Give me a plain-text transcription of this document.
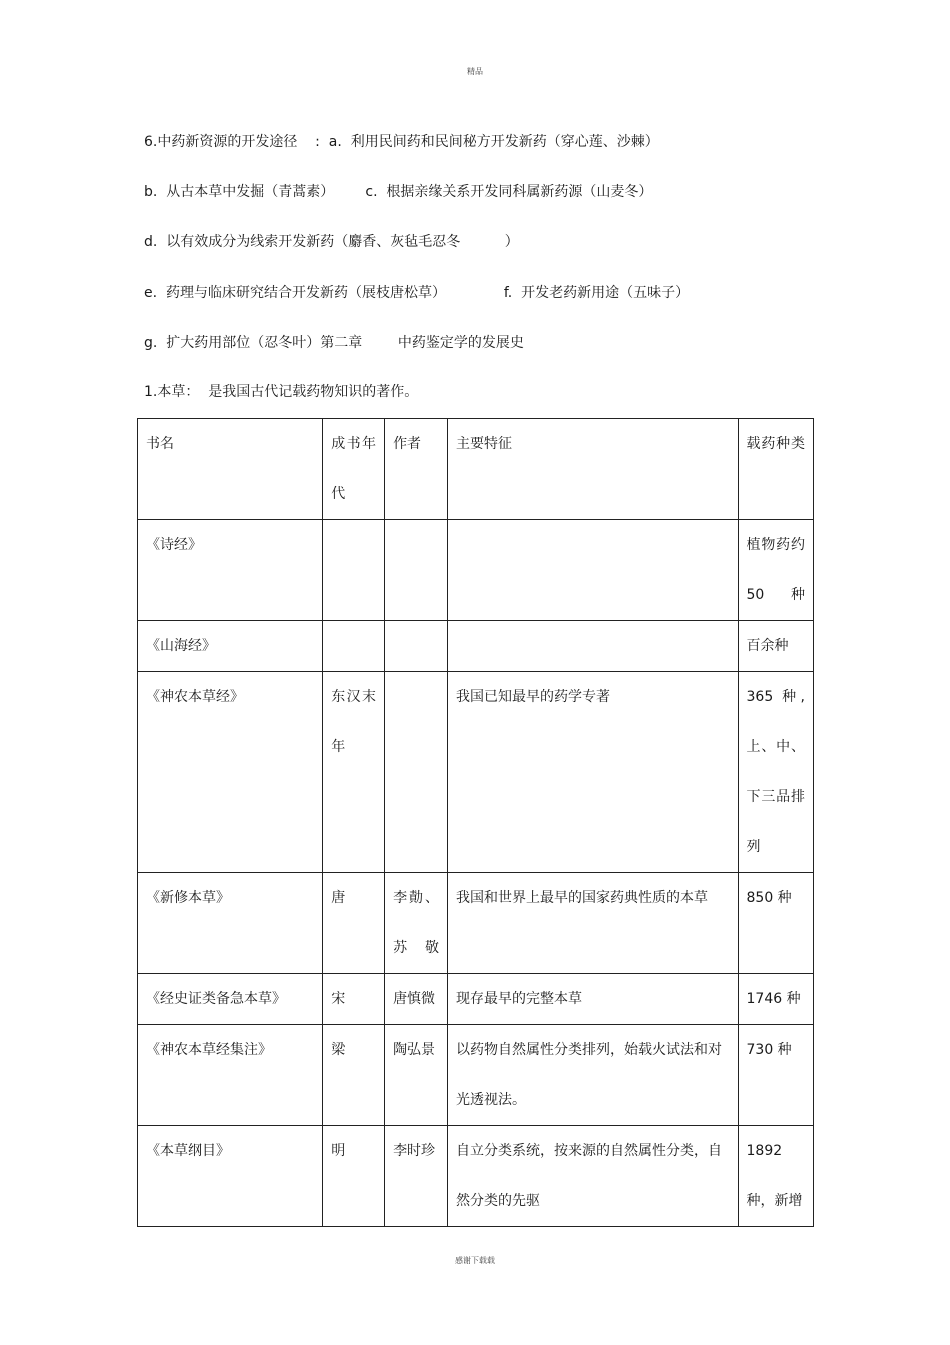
精品
6.中药新资源的开发途径    :  a.  利用民间药和民间秘方开发新药（穿心莲、沙棘）
b.  从古本草中发掘（青蒿素）       c.  根据亲缘关系开发同科属新药源（山麦冬）
d.  以有效成分为线索开发新药（麝香、灰毡毛忍冬          ）
e.  药理与临床研究结合开发新药（展枝唐松草）             f.  开发老药新用途（五味子）
g.  扩大药用部位（忍冬叶）第二章        中药鉴定学的发展史
1.本草：  是我国古代记载药物知识的著作。
书名	成书年代	作者	主要特征	载药种类

《诗经》				植物药约 50 种

《山海经》				百余种

《神农本草经》	东汉末年		我国已知最早的药学专著	365 种,上、中、下三品排列

《新修本草》	唐	李勣、苏敬	我国和世界上最早的国家药典性质的本草	850 种

《经史证类备急本草》	宋	唐慎微	现存最早的完整本草	1746 种

《神农本草经集注》	梁	陶弘景	以药物自然属性分类排列，始载火试法和对光透视法。	730 种

《本草纲目》	明	李时珍	自立分类系统，按来源的自然属性分类，自然分类的先驱	1892 种，新增
感谢下载载
